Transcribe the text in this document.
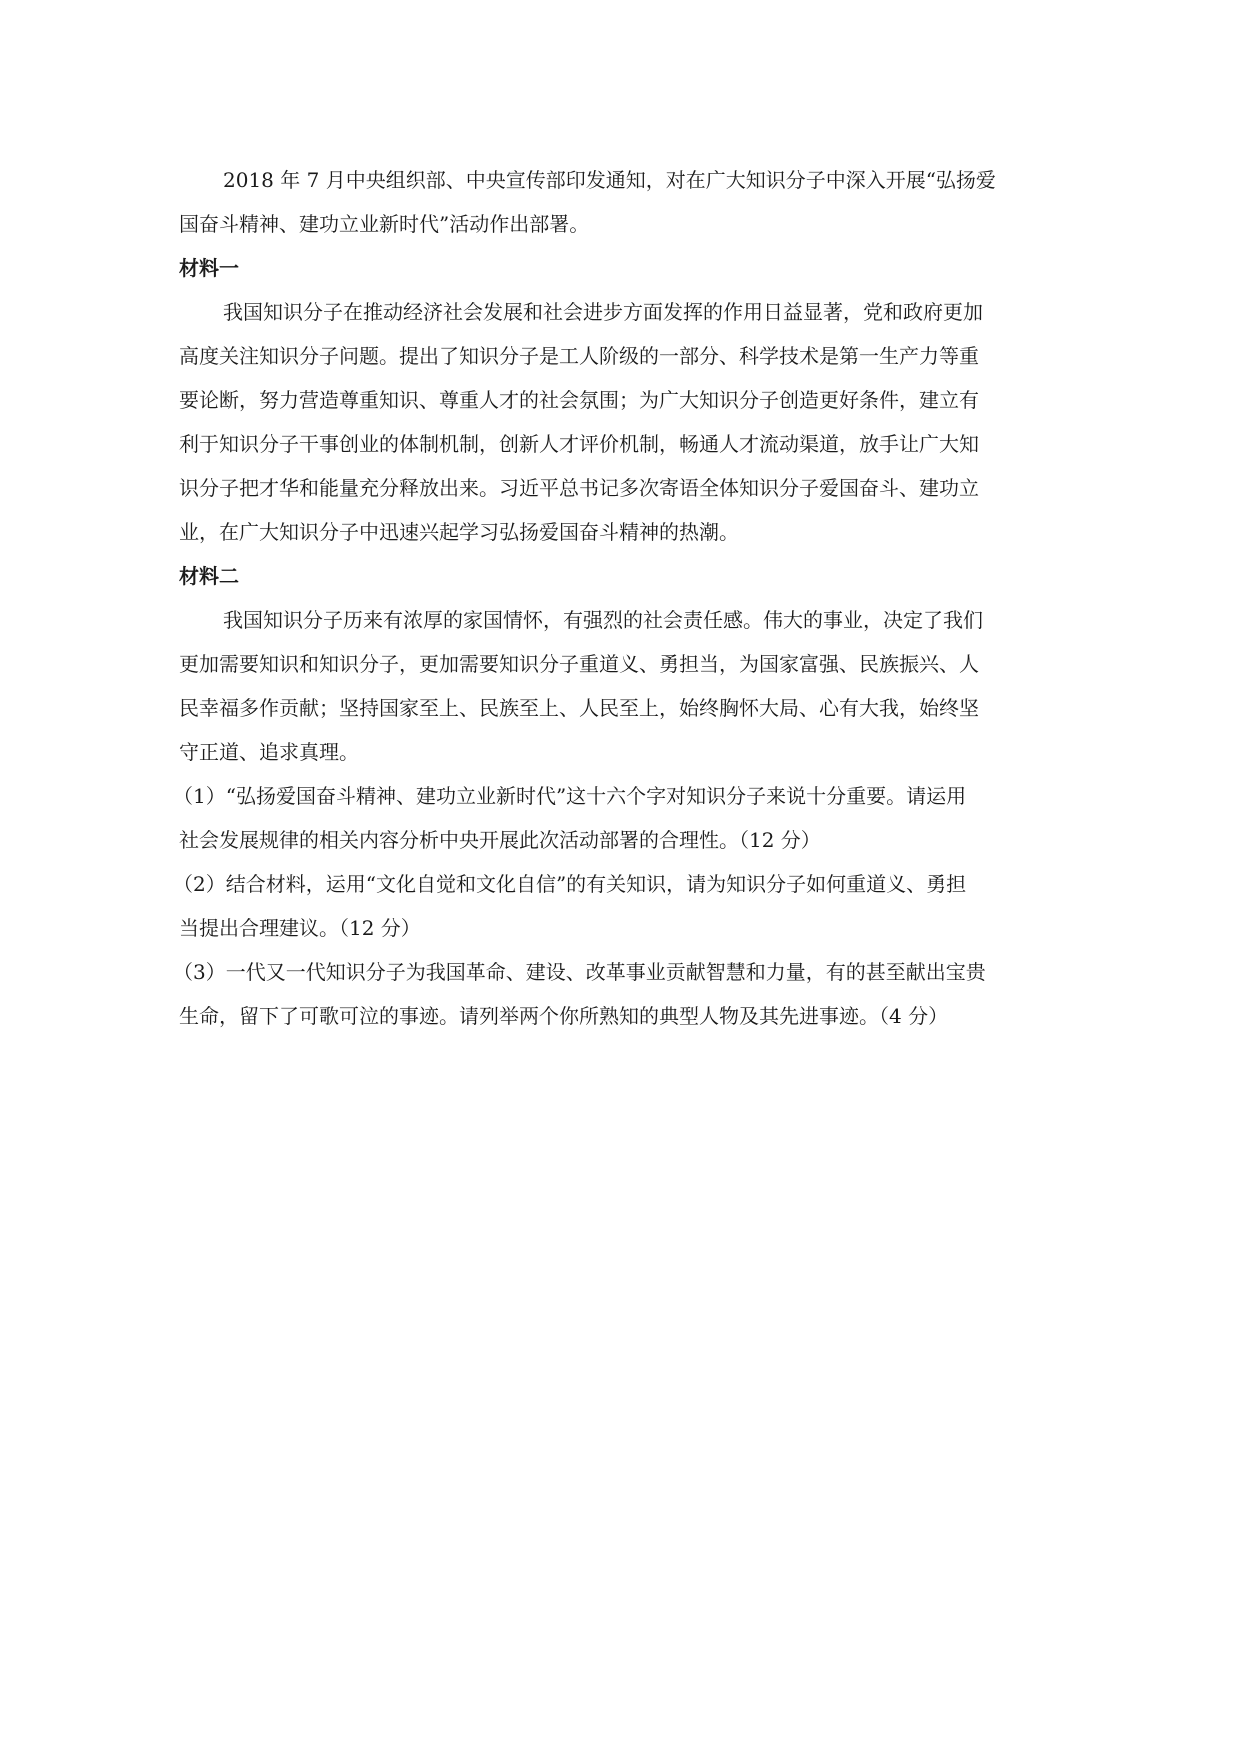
2018 年 7 月中央组织部、中央宣传部印发通知，对在广大知识分子中深入开展“弘扬爱
国奋斗精神、建功立业新时代”活动作出部署。
材料一
我国知识分子在推动经济社会发展和社会进步方面发挥的作用日益显著，党和政府更加
高度关注知识分子问题。提出了知识分子是工人阶级的一部分、科学技术是第一生产力等重
要论断，努力营造尊重知识、尊重人才的社会氛围；为广大知识分子创造更好条件，建立有
利于知识分子干事创业的体制机制，创新人才评价机制，畅通人才流动渠道，放手让广大知
识分子把才华和能量充分释放出来。习近平总书记多次寄语全体知识分子爱国奋斗、建功立
业，在广大知识分子中迅速兴起学习弘扬爱国奋斗精神的热潮。
材料二
我国知识分子历来有浓厚的家国情怀，有强烈的社会责任感。伟大的事业，决定了我们
更加需要知识和知识分子，更加需要知识分子重道义、勇担当，为国家富强、民族振兴、人
民幸福多作贡献；坚持国家至上、民族至上、人民至上，始终胸怀大局、心有大我，始终坚
守正道、追求真理。
（1）“弘扬爱国奋斗精神、建功立业新时代”这十六个字对知识分子来说十分重要。请运用
社会发展规律的相关内容分析中央开展此次活动部署的合理性。（12 分）
（2）结合材料，运用“文化自觉和文化自信”的有关知识，请为知识分子如何重道义、勇担
当提出合理建议。（12 分）
（3）一代又一代知识分子为我国革命、建设、改革事业贡献智慧和力量，有的甚至献出宝贵
生命，留下了可歌可泣的事迹。请列举两个你所熟知的典型人物及其先进事迹。（4 分）
